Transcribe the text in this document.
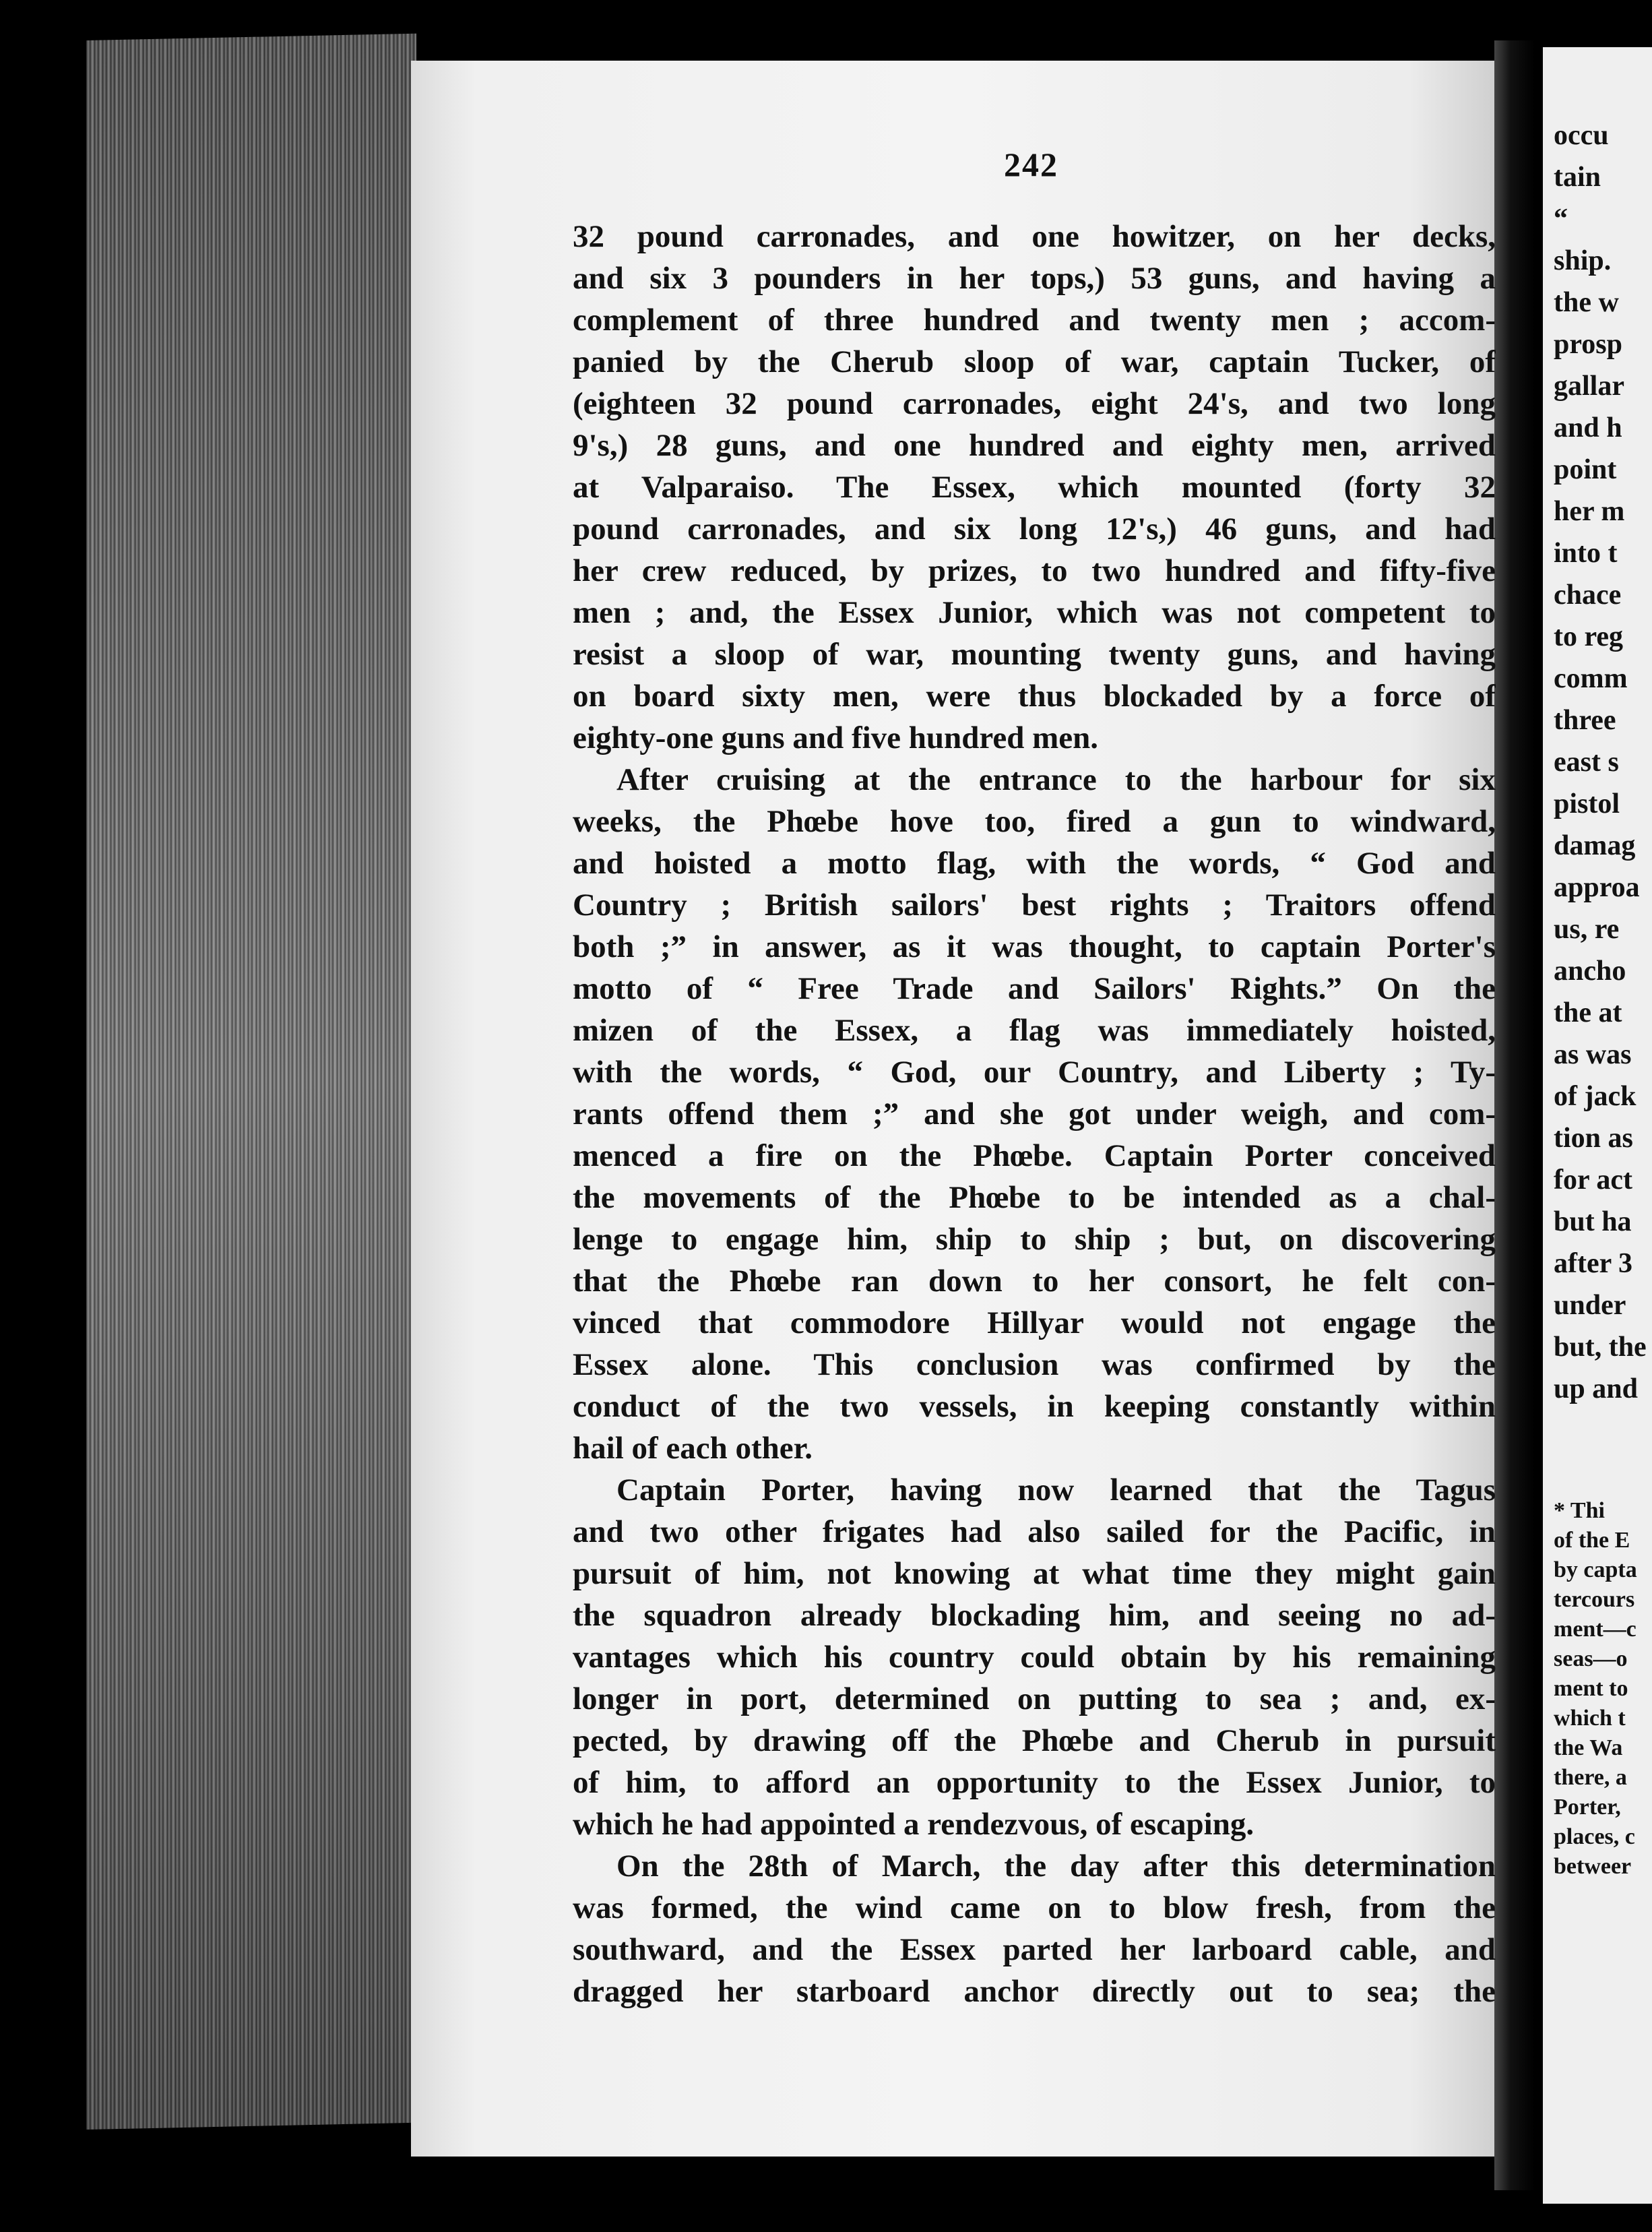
occu
tain
“
ship.
the w
prosp
gallar
and h
point
her m
into t
chace
to reg
comm
three
east s
pistol
damag
approa
us, re
ancho
the at
as was
of jack
tion as
for act
but ha
after 3
under
but, the
up and
* Thi
of the E
by capta
tercours
ment—c
seas—o
ment to
which t
the Wa
there, a
Porter,
places, c
betweer
242
32 pound carronades, and one howitzer, on her decks,
and six 3 pounders in her tops,) 53 guns, and having a
complement of three hundred and twenty men ; accom-
panied by the Cherub sloop of war, captain Tucker, of
(eighteen 32 pound carronades, eight 24's, and two long
9's,) 28 guns, and one hundred and eighty men, arrived
at Valparaiso. The Essex, which mounted (forty 32
pound carronades, and six long 12's,) 46 guns, and had
her crew reduced, by prizes, to two hundred and fifty-five
men ; and, the Essex Junior, which was not competent to
resist a sloop of war, mounting twenty guns, and having
on board sixty men, were thus blockaded by a force of
eighty-one guns and five hundred men.
After cruising at the entrance to the harbour for six
weeks, the Phœbe hove too, fired a gun to windward,
and hoisted a motto flag, with the words, “ God and
Country ; British sailors' best rights ; Traitors offend
both ;” in answer, as it was thought, to captain Porter's
motto of “ Free Trade and Sailors' Rights.” On the
mizen of the Essex, a flag was immediately hoisted,
with the words, “ God, our Country, and Liberty ; Ty-
rants offend them ;” and she got under weigh, and com-
menced a fire on the Phœbe. Captain Porter conceived
the movements of the Phœbe to be intended as a chal-
lenge to engage him, ship to ship ; but, on discovering
that the Phœbe ran down to her consort, he felt con-
vinced that commodore Hillyar would not engage the
Essex alone. This conclusion was confirmed by the
conduct of the two vessels, in keeping constantly within
hail of each other.
Captain Porter, having now learned that the Tagus
and two other frigates had also sailed for the Pacific, in
pursuit of him, not knowing at what time they might gain
the squadron already blockading him, and seeing no ad-
vantages which his country could obtain by his remaining
longer in port, determined on putting to sea ; and, ex-
pected, by drawing off the Phœbe and Cherub in pursuit
of him, to afford an opportunity to the Essex Junior, to
which he had appointed a rendezvous, of escaping.
On the 28th of March, the day after this determination
was formed, the wind came on to blow fresh, from the
southward, and the Essex parted her larboard cable, and
dragged her starboard anchor directly out to sea; the
